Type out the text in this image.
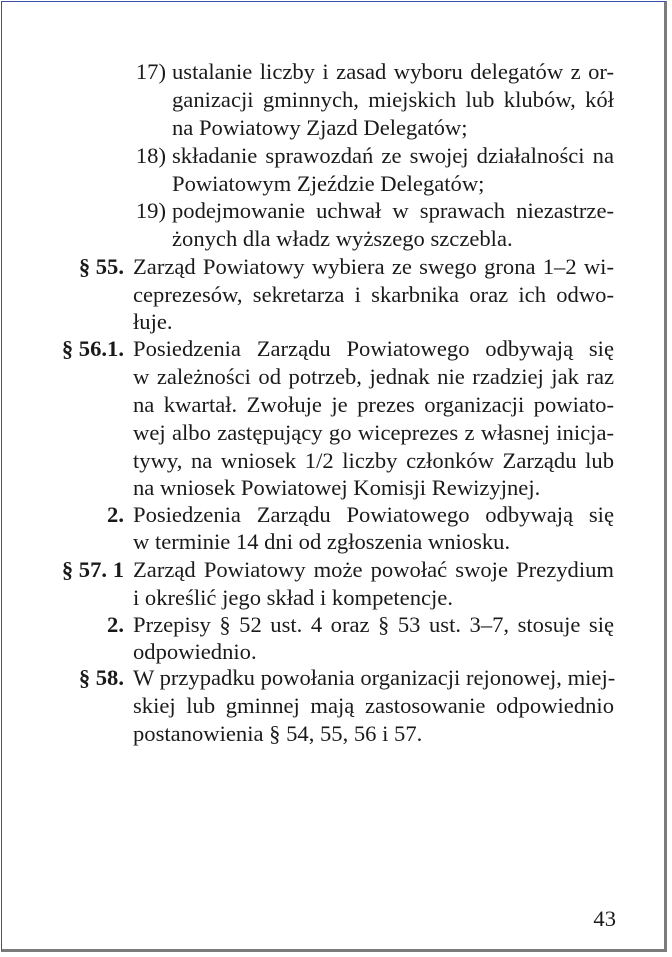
17) ustalanie liczby i zasad wyboru delegatów z or-
ganizacji gminnych, miejskich lub klubów, kół
na Powiatowy Zjazd Delegatów;
18) składanie sprawozdań ze swojej działalności na
Powiatowym Zjeździe Delegatów;
19) podejmowanie uchwał w sprawach niezastrze-
żonych dla władz wyższego szczebla.
§ 55. Zarząd Powiatowy wybiera ze swego grona 1–2 wi-
ceprezesów, sekretarza i skarbnika oraz ich odwo-
łuje.
§ 56.1. Posiedzenia Zarządu Powiatowego odbywają się
w zależności od potrzeb, jednak nie rzadziej jak raz
na kwartał. Zwołuje je prezes organizacji powiato-
wej albo zastępujący go wiceprezes z własnej inicja-
tywy, na wniosek 1/2 liczby członków Zarządu lub
na wniosek Powiatowej Komisji Rewizyjnej.
2. Posiedzenia Zarządu Powiatowego odbywają się
w terminie 14 dni od zgłoszenia wniosku.
§ 57. 1 Zarząd Powiatowy może powołać swoje Prezydium
i określić jego skład i kompetencje.
2. Przepisy § 52 ust. 4 oraz § 53 ust. 3–7, stosuje się
odpowiednio.
§ 58. W przypadku powołania organizacji rejonowej, miej-
skiej lub gminnej mają zastosowanie odpowiednio
postanowienia § 54, 55, 56 i 57.
43
